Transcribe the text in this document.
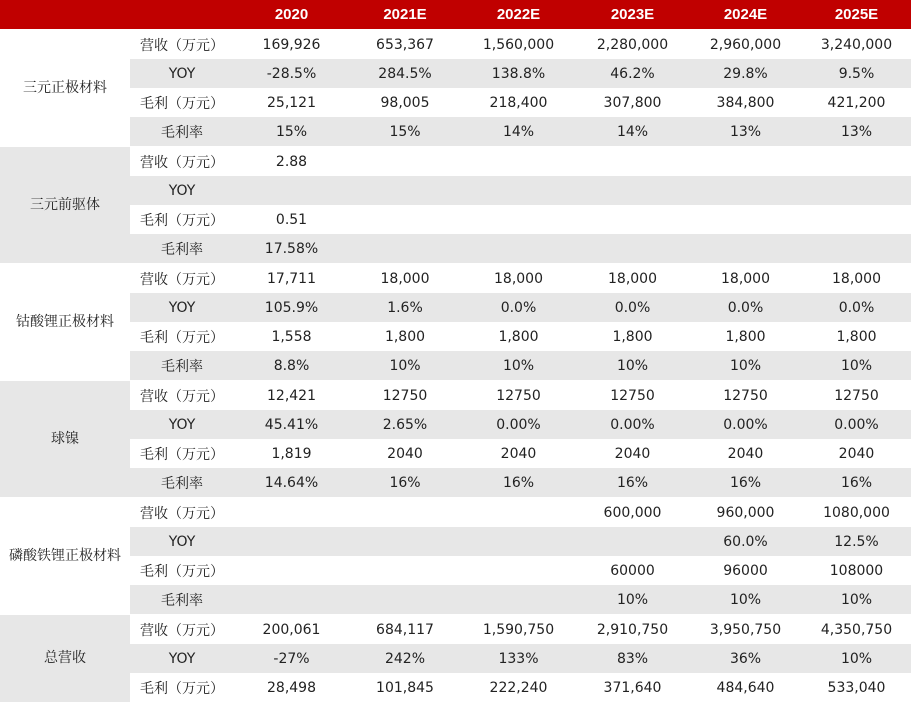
		2020	2021E	2022E	2023E	2024E	2025E
三元正极材料	营收（万元）	169,926	653,367	1,560,000	2,280,000	2,960,000	3,240,000
	YOY	-28.5%	284.5%	138.8%	46.2%	29.8%	9.5%
	毛利（万元）	25,121	98,005	218,400	307,800	384,800	421,200
	毛利率	15%	15%	14%	14%	13%	13%
三元前驱体	营收（万元）	2.88					
	YOY						
	毛利（万元）	0.51					
	毛利率	17.58%					
钴酸锂正极材料	营收（万元）	17,711	18,000	18,000	18,000	18,000	18,000
	YOY	105.9%	1.6%	0.0%	0.0%	0.0%	0.0%
	毛利（万元）	1,558	1,800	1,800	1,800	1,800	1,800
	毛利率	8.8%	10%	10%	10%	10%	10%
球镍	营收（万元）	12,421	12750	12750	12750	12750	12750
	YOY	45.41%	2.65%	0.00%	0.00%	0.00%	0.00%
	毛利（万元）	1,819	2040	2040	2040	2040	2040
	毛利率	14.64%	16%	16%	16%	16%	16%
磷酸铁锂正极材料	营收（万元）				600,000	960,000	1080,000
	YOY					60.0%	12.5%
	毛利（万元）				60000	96000	108000
	毛利率				10%	10%	10%
总营收	营收（万元）	200,061	684,117	1,590,750	2,910,750	3,950,750	4,350,750
	YOY	-27%	242%	133%	83%	36%	10%
	毛利（万元）	28,498	101,845	222,240	371,640	484,640	533,040
